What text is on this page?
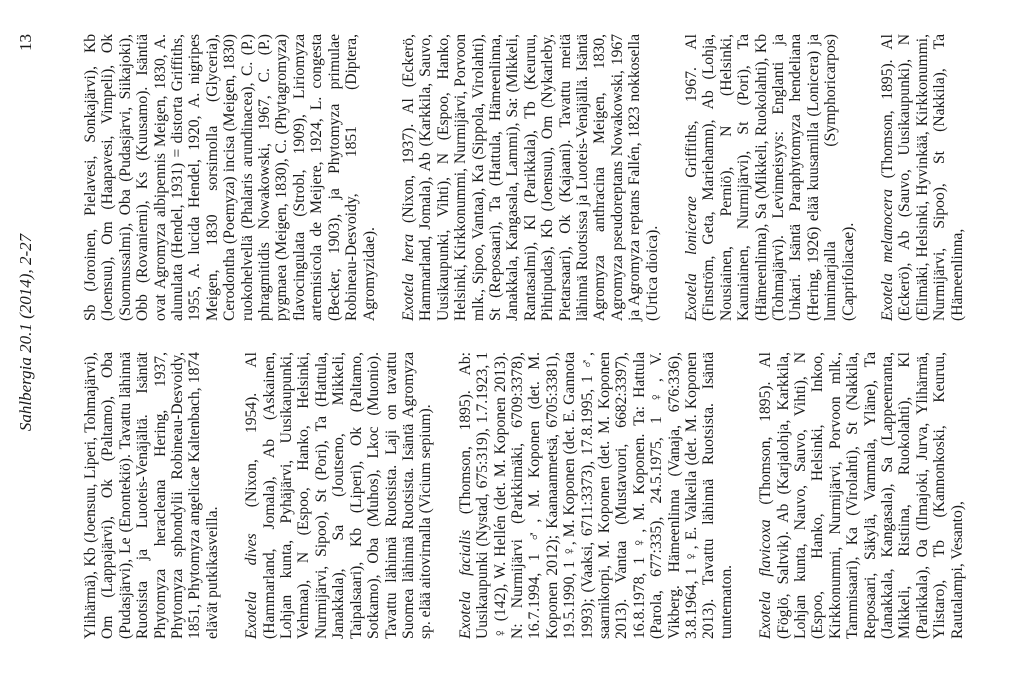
Sahlbergia 20.1 (2014), 2-27
13

Ylihärmä), Kb (Joensuu, Liperi, Tohmajärvi), Om (Lappajärvi), Ok (Paltamo), Oba (Pudasjärvi), Le (Enontekiö). Tavattu lähinnä Ruotsista ja Luoteis-Venäjältä. Isäntät Phytomyza heracleana Hering, 1937, Phytomyza sphondylii Robineau-Desvoidy, 1851, Phytomyza angelicae Kaltenbach, 1874 elävät putkikasveilla. Exotela dives (Nixon, 1954). Al (Hammarland, Jomala), Ab (Askainen, Lohjan kunta, Pyhäjärvi, Uusikaupunki, Vehmaa), N (Espoo, Hanko, Helsinki, Nurmijärvi, Sipoo), St (Pori), Ta (Hattula, Janakkala), Sa (Joutseno, Mikkeli, Taipalsaari), Kb (Liperi), Ok (Paltamo, Sotkamo), Oba (Muhos), Lkoc (Muonio). Tavattu lähinnä Ruotsista. Laji on tavattu Suomea lähinnä Ruotsista. Isäntä Agromyza sp. elää aitovirnalla (Vicium sepium). Exotela facialis (Thomson, 1895). Ab: Uusikaupunki (Nystad, 675:319), 1.7.1923, 1 ♀ (142), W. Hellén (det. M. Koponen 2013). N: Nurmijärvi (Parkkimäki, 6709:3378), 16.7.1994, 1 ♂, M. Koponen (det. M. Koponen 2012); Kaanaanmetsä, 6705:3381), 19.5.1990, 1 ♀, M. Koponen (det. E. Gannota 1993); (Vaaksi, 6711:3373), 17.8.1995, 1 ♂, saarnikorpi, M. Koponen (det. M. Koponen 2013). Vantaa (Mustavuori, 6682:3397), 16.8.1978, 1 ♀, M. Koponen. Ta: Hattula (Parola, 677:335), 24.5.1975, 1 ♀, V. Vikberg. Hämeenlinna (Vanaja, 676:336), 3.8.1964, 1 ♀, E. Valkeila (det. M. Koponen 2013). Tavattu lähinnä Ruotsista. Isäntä tuntematon. Exotela flavicoxa (Thomson, 1895). Al (Föglö, Saltvik). Ab (Karjalohja, Karkkila, Lohjan kunta, Nauvo, Sauvo, Vihti), N (Espoo, Hanko, Helsinki, Inkoo, Kirkkonummi, Nurmijärvi, Porvoon mlk., Tammisaari), Ka (Virolahti), St (Nakkila, Reposaari, Säkylä, Vammala, Yläne), Ta (Janakkala, Kangasala), Sa (Lappeenranta, Mikkeli, Ristiina, Ruokolahti), Kl (Parikkala), Oa (Ilmajoki, Jurva, Ylihärmä, Ylistaro), Tb (Kannonkoski, Keuruu, Rautalampi, Vesanto),

Sb (Joroinen, Pielavesi, Sonkajärvi), Kb (Joensuu), Om (Haapavesi, Vimpeli), Ok (Suomussalmi), Oba (Pudasjärvi, Siikajoki), Obb (Rovaniemi), Ks (Kuusamo). Isäntiä ovat Agromyza albipennis Meigen, 1830, A. alunulata (Hendel, 1931) = distorta Griffiths, 1955, A. lucida Hendel, 1920, A. nigripes Meigen, 1830 sorsimolla (Glyceria), Cerodontha (Poemyza) incisa (Meigen, 1830) ruokohelvellä (Phalaris arundinacea), C. (P.) phragmitidis Nowakowski, 1967, C. (P.) pygmaea (Meigen, 1830), C. (Phytagromyza) flavocingulata (Strobl, 1909), Liriomyza artemisicola de Meijere, 1924, L. congesta (Becker, 1903), ja Phytomyza primulae Robineau-Desvoidy, 1851 (Diptera, Agromyzidae). Exotela hera (Nixon, 1937). Al (Eckerö, Hammarland, Jomala), Ab (Karkkila, Sauvo, Uusikaupunki, Vihti), N (Espoo, Hanko, Helsinki, Kirkkonummi, Nurmijärvi, Porvoon mlk., Sipoo, Vantaa), Ka (Sippola, Virolahti), St (Reposaari), Ta (Hattula, Hämeenlinna, Janakkala, Kangasala, Lammi), Sa: (Mikkeli, Rantasalmi), Kl (Parikkala), Tb (Keuruu, Pihtipudas), Kb (Joensuu), Om (Nykarleby, Pietarsaari), Ok (Kajaani). Tavattu meitä lähinnä Ruotsissa ja Luoteis-Venäjällä. Isäntä Agromyza anthracina Meigen, 1830, Agromyza pseudoreptans Nowakowski, 1967 ja Agromyza reptans Fallén, 1823 nokkosella (Urtica dioica). Exotela lonicerae Griffiths, 1967. Al (Finström, Geta, Mariehamn), Ab (Lohja, Nousiainen, Perniö), N (Helsinki, Kauniainen, Nurmijärvi), St (Pori), Ta (Hämeenlinna), Sa (Mikkeli, Ruokolahti), Kb (Tohmajärvi). Levinneisyys: Englanti ja Unkari. Isäntä Paraphytomyza hendeliana (Hering, 1926) elää kuusamilla (Lonicera) ja lumimarjalla (Symphoricarpos) (Caprifoliacae). Exotela melanocera (Thomson, 1895). Al (Eckerö), Ab (Sauvo, Uusikaupunki), N (Elimäki, Helsinki, Hyvinkää, Kirkkonummi, Nurmijärvi, Sipoo), St (Nakkila), Ta (Hämeenlinna,
